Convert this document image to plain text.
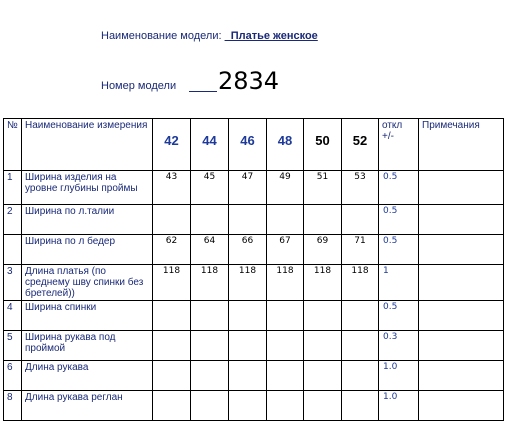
Наименование модели: _Платье женское
Номер модели 2834
№	Наименование измерения	42	44	46	48	50	52	откл +/-	Примечания
1	Ширина изделия на уровне глубины проймы	43	45	47	49	51	53	0.5	
2	Ширина по л.талии							0.5	
	Ширина по л бедер	62	64	66	67	69	71	0.5	
3	Длина платья (по среднему шву спинки без бретелей))	118	118	118	118	118	118	1	
4	Ширина спинки							0.5	
5	Ширина рукава под проймой							0.3	
6	Длина рукава							1.0	
8	Длина рукава реглан							1.0	
